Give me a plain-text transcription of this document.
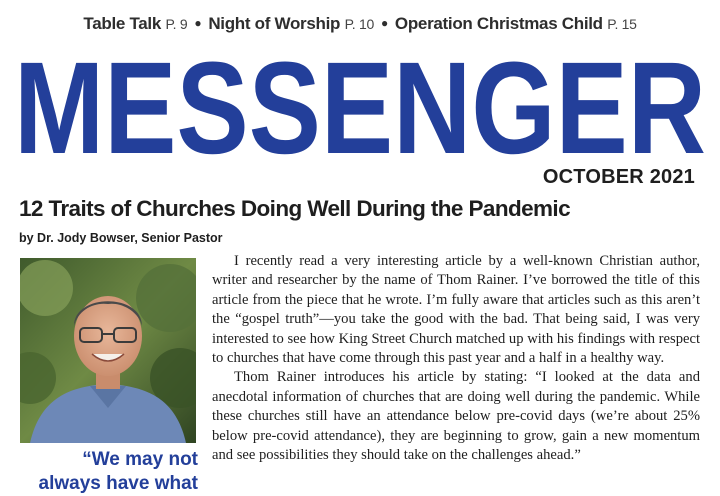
Table Talk P. 9 ● Night of Worship P. 10 ● Operation Christmas Child P. 15
MESSENGER
OCTOBER 2021
12 Traits of Churches Doing Well During the Pandemic
by Dr. Jody Bowser, Senior Pastor
“We may not
always have what

I recently read a very interesting article by a well-known Christian author, writer and researcher by the name of Thom Rainer. I’ve borrowed the title of this article from the piece that he wrote. I’m fully aware that articles such as this aren’t the “gospel truth”—you take the good with the bad. That being said, I was very interested to see how King Street Church matched up with his findings with respect to churches that have come through this past year and a half in a healthy way.

Thom Rainer introduces his article by stating: “I looked at the data and anecdotal information of churches that are doing well during the pandemic. While these churches still have an attendance below pre-covid days (we’re about 25% below pre-covid attendance), they are beginning to grow, gain a new momentum and see possibilities they should take on the challenges ahead.”
